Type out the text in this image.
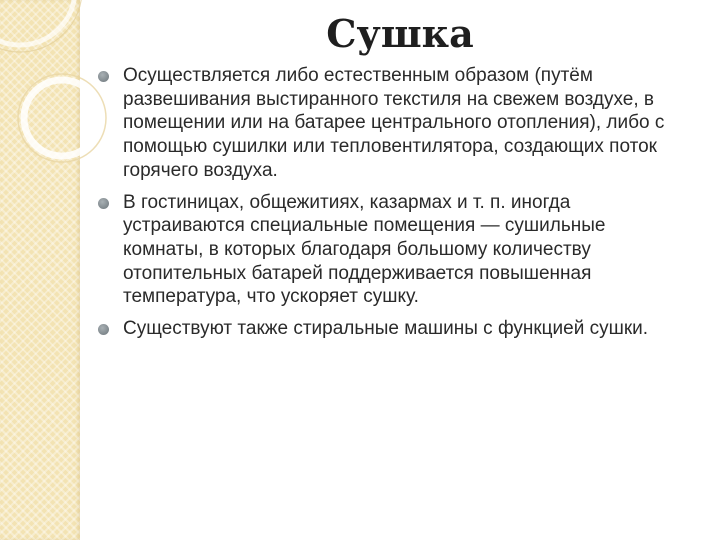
Сушка
Осуществляется либо естественным образом (путём развешивания выстиранного текстиля на свежем воздухе, в помещении или на батарее центрального отопления), либо с помощью сушилки или тепловентилятора, создающих поток горячего воздуха.
В гостиницах, общежитиях, казармах и т. п. иногда устраиваются специальные помещения — сушильные комнаты, в которых благодаря большому количеству отопительных батарей поддерживается повышенная температура, что ускоряет сушку.
Существуют также стиральные машины с функцией сушки.
